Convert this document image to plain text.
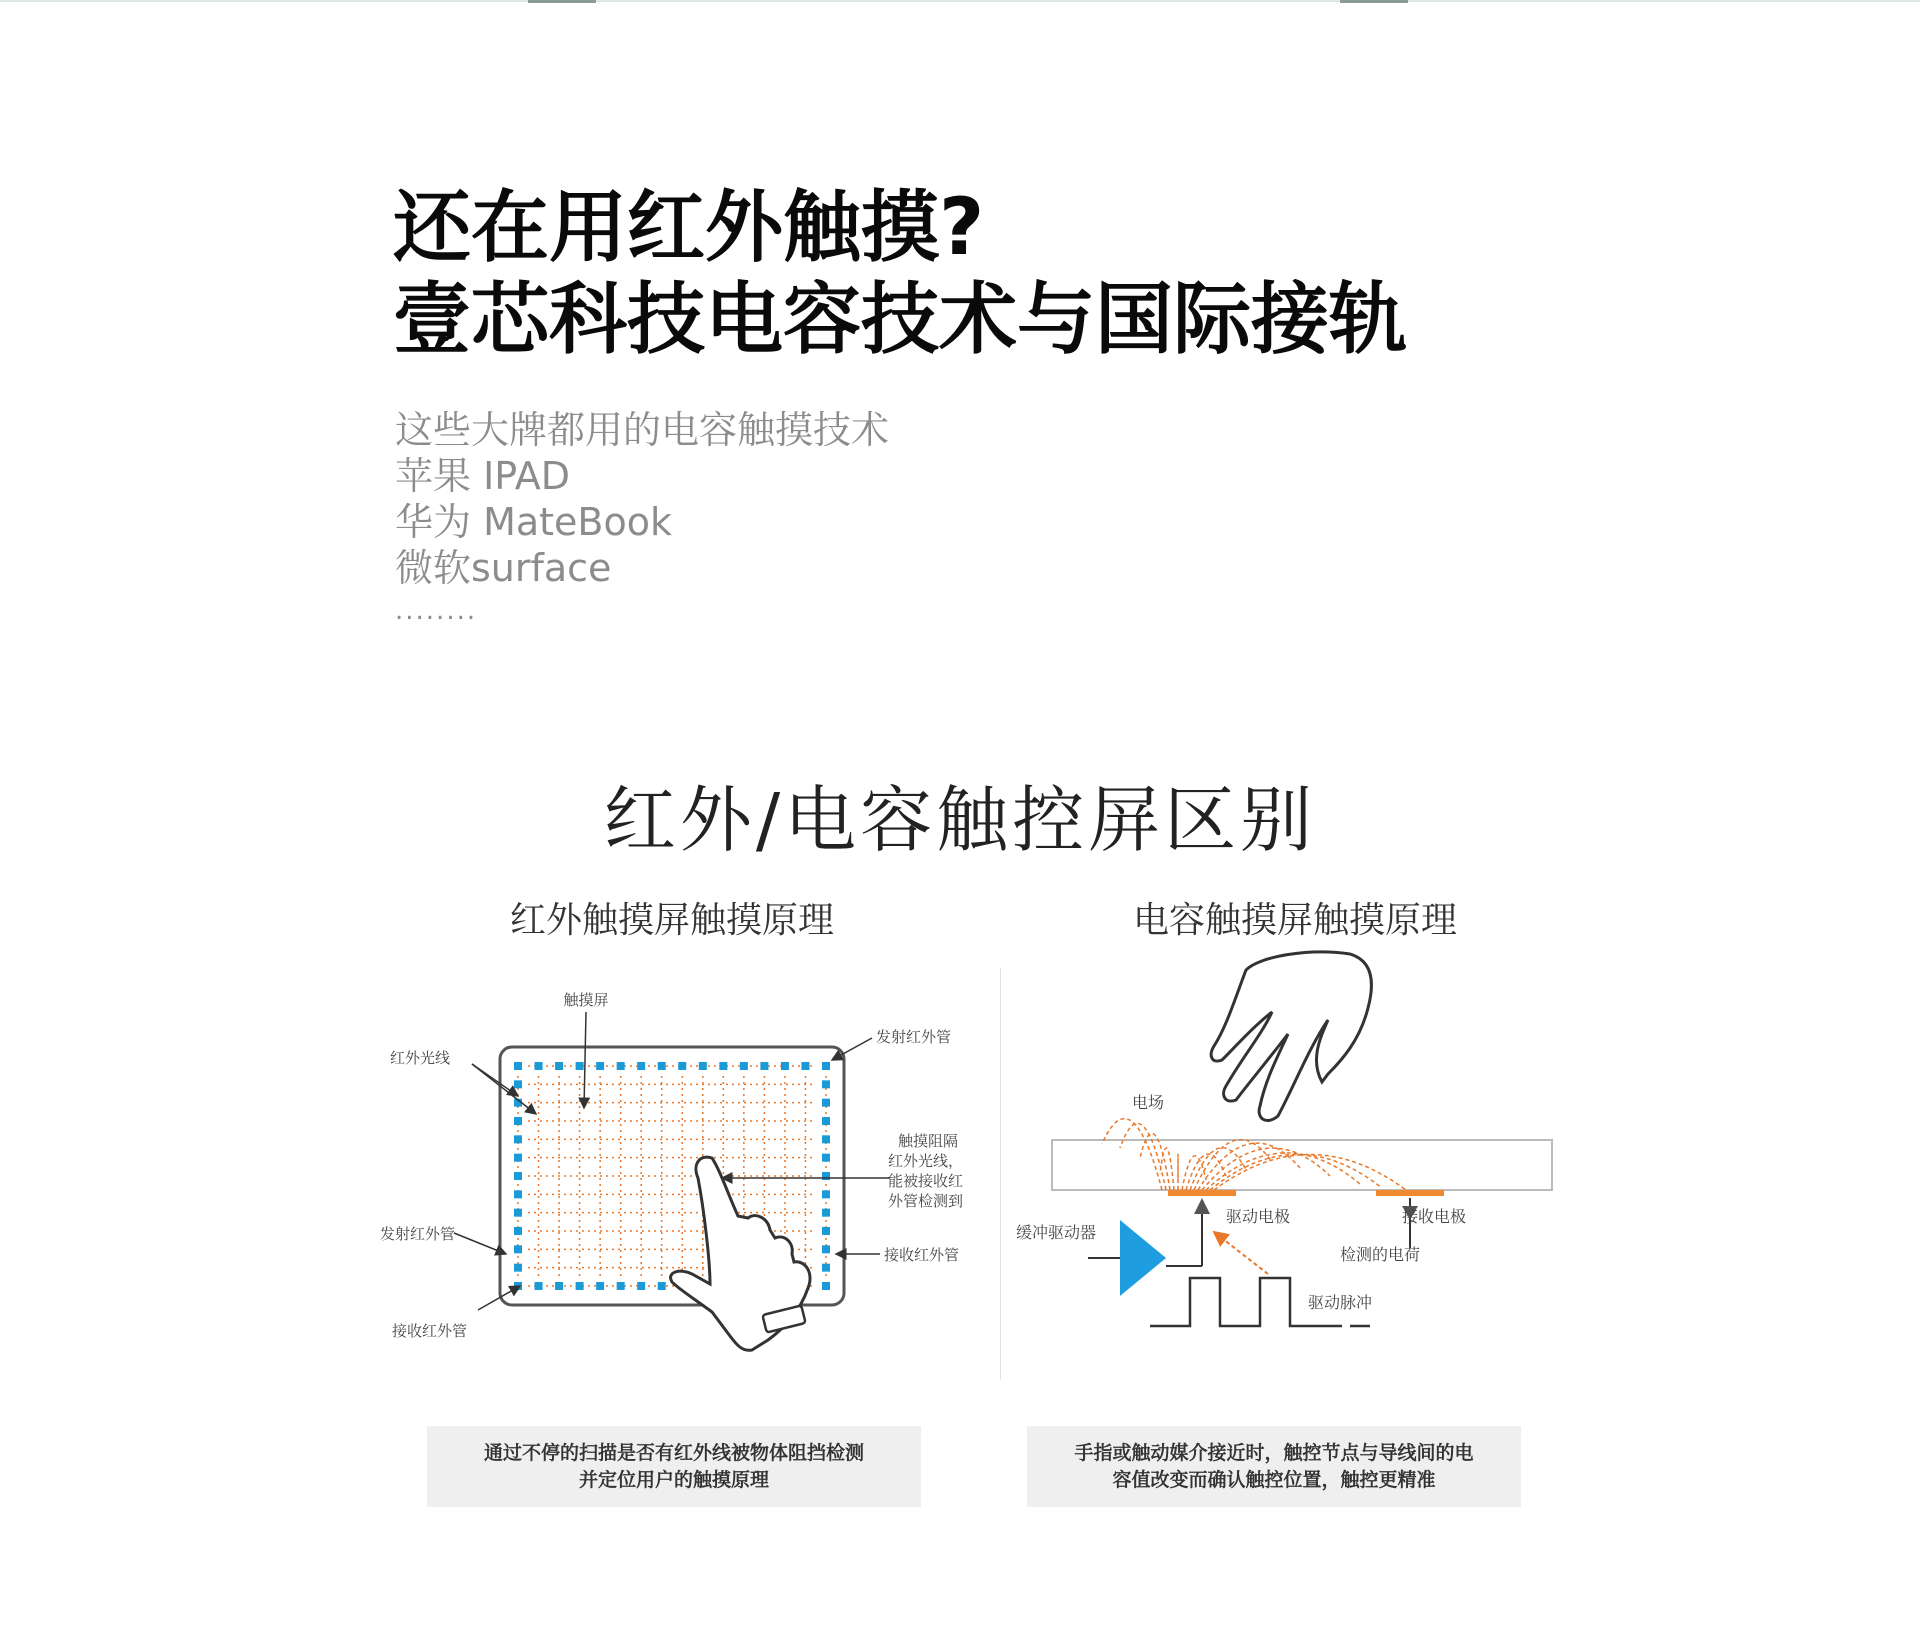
还在用红外触摸?
壹芯科技电容技术与国际接轨
这些大牌都用的电容触摸技术
苹果 IPAD
华为 MateBook
微软surface
........
红外/电容触控屏区别
红外触摸屏触摸原理	电容触摸屏触摸原理
触摸屏
红外光线
发射红外管
触摸阻隔
红外光线，
能被接收红
外管检测到
发射红外管
接收红外管
接收红外管
电场
驱动电极	接收电极
缓冲驱动器
检测的电荷
驱动脉冲
通过不停的扫描是否有红外线被物体阻挡检测
并定位用户的触摸原理
手指或触动媒介接近时，触控节点与导线间的电
容值改变而确认触控位置，触控更精准
